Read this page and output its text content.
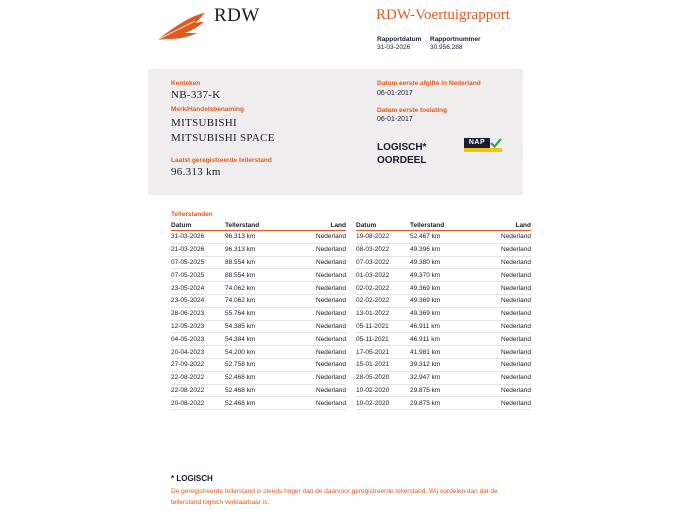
RDW	RDW-Voertuigrapport
Rapportdatum
31-03-2026
Rapportnummer
30.956.288
Kenteken
NB-337-K
Merk/Handelsbenaming
MITSUBISHI
MITSUBISHI SPACE
Laatst geregistreerde tellerstand
96.313 km
Datum eerste afgifte in Nederland
06-01-2017
Datum eerste toelating
06-01-2017
LOGISCH*
OORDEEL
NAP
Tellerstanden
Datum	Tellerstand	Land
31-03-2026	96.313 km	Nederland
21-03-2026	96.313 km	Nederland
07-05-2025	88.554 km	Nederland
07-05-2025	88.554 km	Nederland
23-05-2024	74.062 km	Nederland
23-05-2024	74.062 km	Nederland
28-06-2023	55.764 km	Nederland
12-05-2023	54.385 km	Nederland
04-05-2023	54.384 km	Nederland
20-04-2023	54.200 km	Nederland
27-09-2022	52.758 km	Nederland
22-08-2022	52.468 km	Nederland
22-08-2022	52.468 km	Nederland
20-08-2022	52.468 km	Nederland
Datum	Tellerstand	Land
19-08-2022	52.467 km	Nederland
08-03-2022	49.396 km	Nederland
07-03-2022	49.380 km	Nederland
01-03-2022	49.370 km	Nederland
02-02-2022	49.369 km	Nederland
02-02-2022	49.369 km	Nederland
13-01-2022	49.369 km	Nederland
05-11-2021	46.911 km	Nederland
05-11-2021	46.911 km	Nederland
17-05-2021	41.981 km	Nederland
15-01-2021	39.312 km	Nederland
28-05-2020	32.947 km	Nederland
10-02-2020	29.875 km	Nederland
10-02-2020	29.875 km	Nederland
* LOGISCH
De geregistreerde tellerstand is steeds hoger dan de daarvoor geregistreerde tellerstand. Wij oordelen dan dat de tellerstand logisch verklaarbaar is.
